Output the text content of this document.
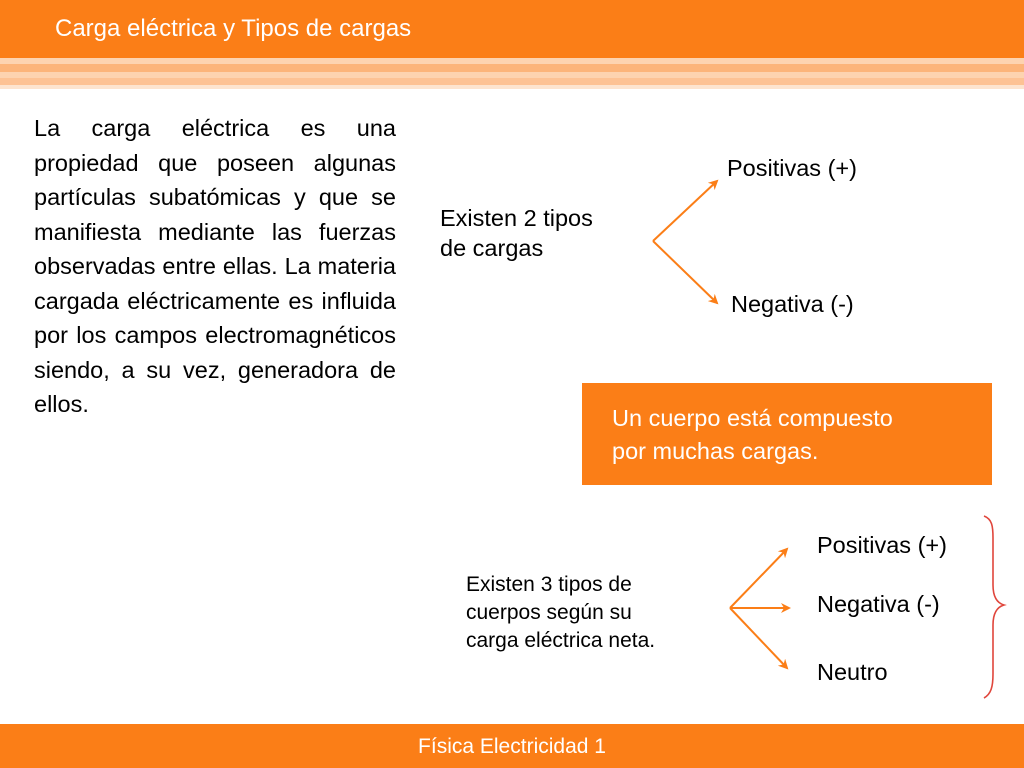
Carga eléctrica y Tipos de cargas
La carga eléctrica es una propiedad que poseen algunas partículas subatómicas y que se manifiesta mediante las fuerzas observadas entre ellas. La materia cargada eléctricamente es influida por los campos electromagnéticos siendo, a su vez, generadora de ellos.
Existen 2 tipos
de cargas
Positivas (+)
Negativa (-)
Un cuerpo está compuesto
por muchas cargas.
Existen 3 tipos de
cuerpos según su
carga eléctrica neta.
Positivas (+)
Negativa (-)
Neutro
Física Electricidad 1
